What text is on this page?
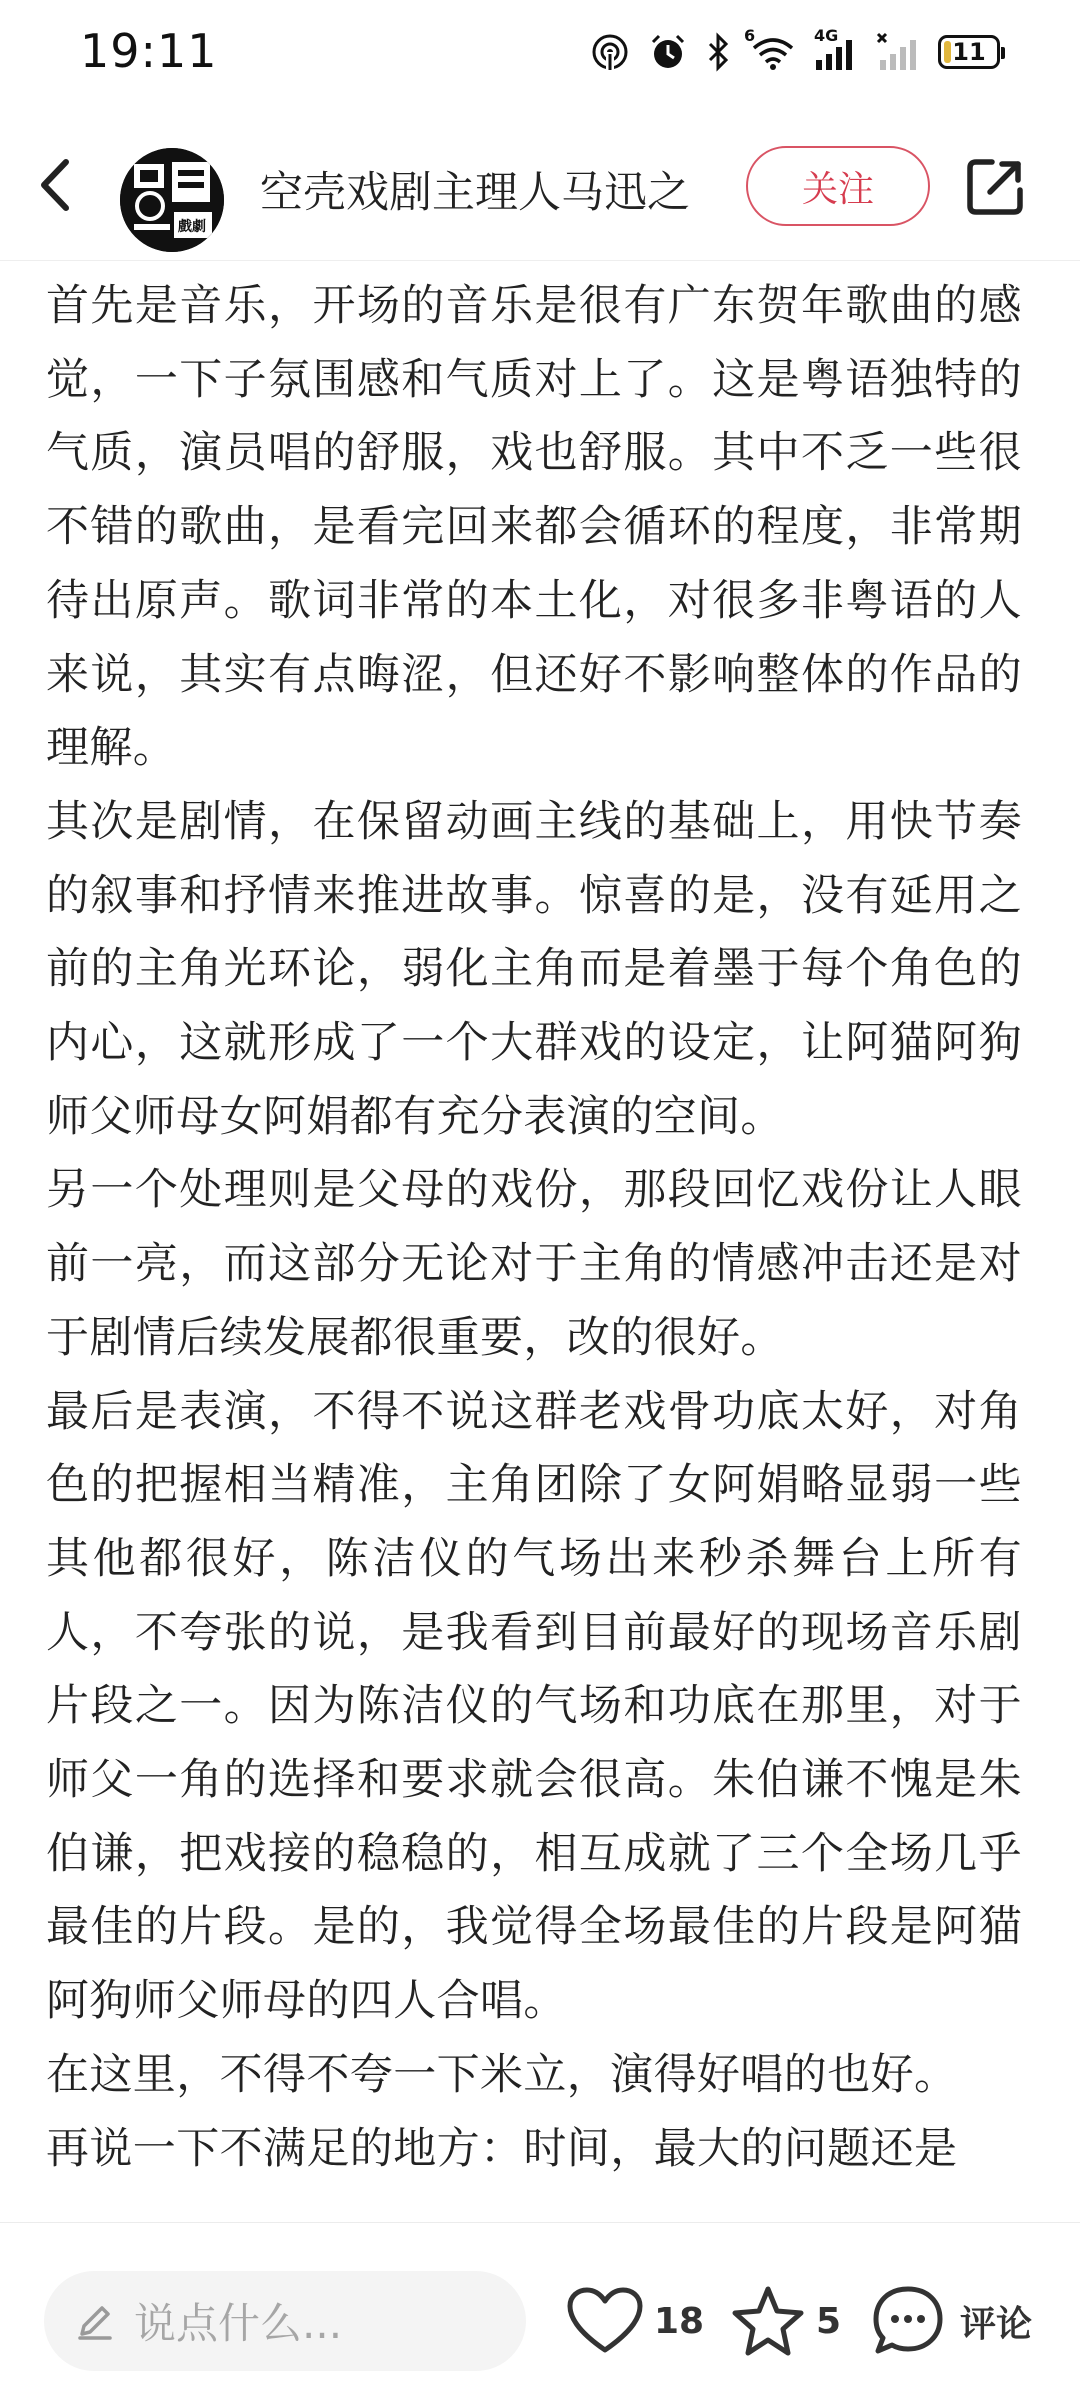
19:11	6	4G
11
戲劇
空壳戏剧主理人马迅之	关注

首先是音乐，开场的音乐是很有广东贺年歌曲的感觉，一下子氛围感和气质对上了。这是粤语独特的气质，演员唱的舒服，戏也舒服。其中不乏一些很不错的歌曲，是看完回来都会循环的程度，非常期待出原声。歌词非常的本土化，对很多非粤语的人来说，其实有点晦涩，但还好不影响整体的作品的理解。

其次是剧情，在保留动画主线的基础上，用快节奏的叙事和抒情来推进故事。惊喜的是，没有延用之前的主角光环论，弱化主角而是着墨于每个角色的内心，这就形成了一个大群戏的设定，让阿猫阿狗师父师母女阿娟都有充分表演的空间。

另一个处理则是父母的戏份，那段回忆戏份让人眼前一亮，而这部分无论对于主角的情感冲击还是对于剧情后续发展都很重要，改的很好。

最后是表演，不得不说这群老戏骨功底太好，对角色的把握相当精准，主角团除了女阿娟略显弱一些其他都很好，陈洁仪的气场出来秒杀舞台上所有人，不夸张的说，是我看到目前最好的现场音乐剧片段之一。因为陈洁仪的气场和功底在那里，对于师父一角的选择和要求就会很高。朱伯谦不愧是朱伯谦，把戏接的稳稳的，相互成就了三个全场几乎最佳的片段。是的，我觉得全场最佳的片段是阿猫阿狗师父师母的四人合唱。

在这里，不得不夸一下米立，演得好唱的也好。

再说一下不满足的地方：时间，最大的问题还是

说点什么...	18	5	评论
